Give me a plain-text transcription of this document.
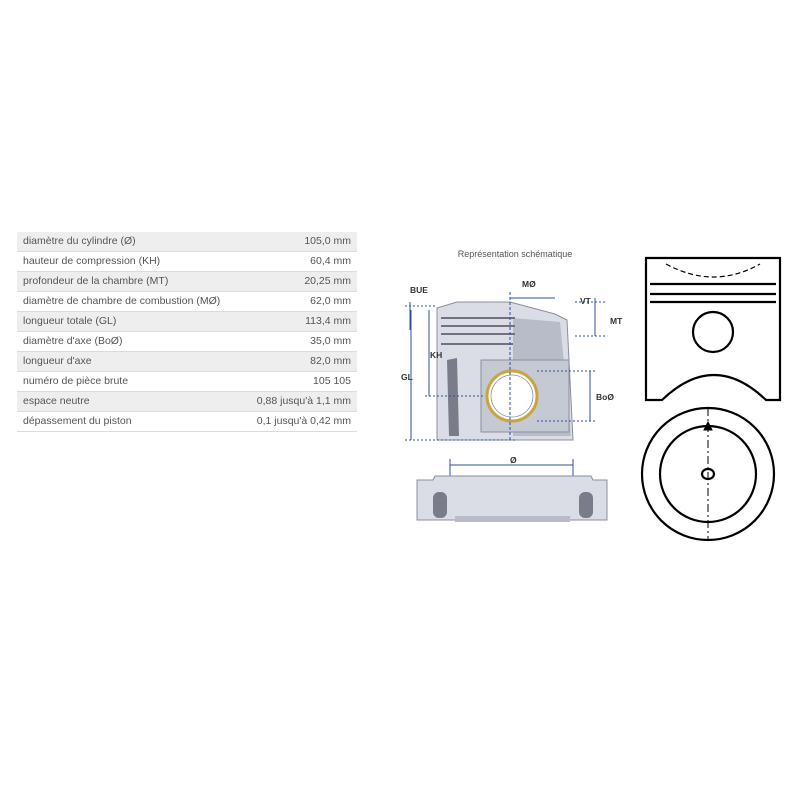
diamètre du cylindre (Ø)	105,0 mm
hauteur de compression (KH)	60,4 mm
profondeur de la chambre (MT)	20,25 mm
diamètre de chambre de combustion (MØ)	62,0 mm
longueur totale (GL)	113,4 mm
diamètre d'axe (BoØ)	35,0 mm
longueur d'axe	82,0 mm
numéro de pièce brute	105 105
espace neutre	0,88 jusqu'à 1,1 mm
dépassement du piston	0,1 jusqu'à 0,42 mm
Représentation schématique
BUE
MØ
VT
MT
KH
GL
BoØ
Ø
